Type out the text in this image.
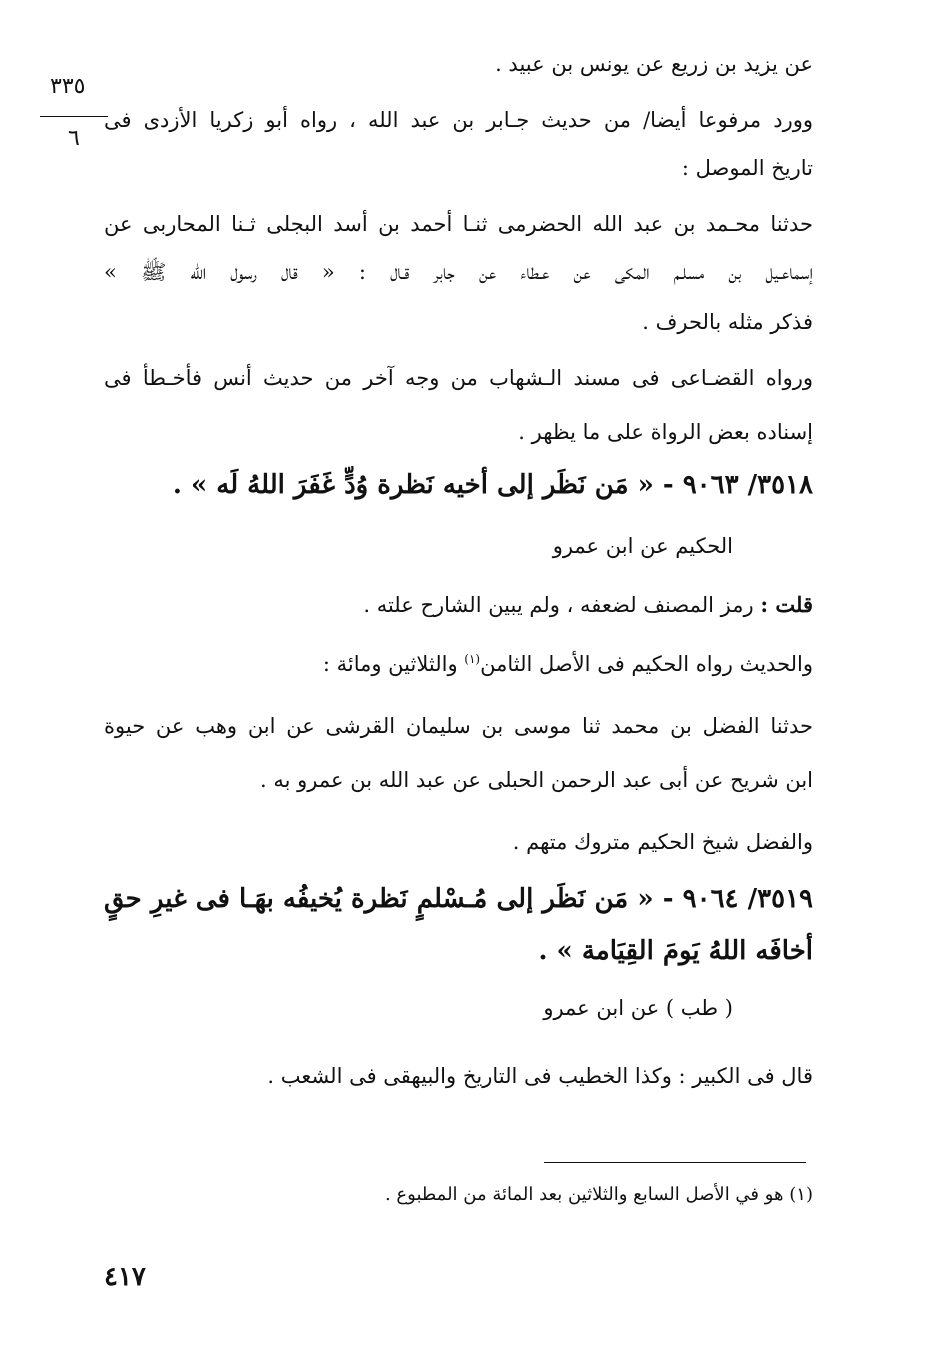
٣٣٥
٦
عن يزيد بن زريع عن يونس بن عبيد .
وورد مرفوعا أيضا/ من حديث جـابر بن عبد الله ، رواه أبو زكريا الأزدى فى
تاريخ الموصل :
حدثنا محـمد بن عبد الله الحضرمى ثنـا أحمد بن أسد البجلى ثـنا المحاربى عن
إسماعـيل بن مسلـم المكى عن عـطاء عن جابر قـال : « قال رسول الله ﷺ »
فذكر مثله بالحرف .
ورواه القضـاعى فى مسند الـشهاب من وجه آخر من حديث أنس فأخـطأ فى
إسناده بعض الرواة على ما يظهر .
٣٥١٨/ ٩٠٦٣ - « مَن نَظَر إلى أخيه نَظرة وُدٍّ غَفَرَ اللهُ لَه » .
الحكيم عن ابن عمرو
قلت : رمز المصنف لضعفه ، ولم يبين الشارح علته .
والحديث رواه الحكيم فى الأصل الثامن$^{(١)}$ والثلاثين ومائة :
حدثنا الفضل بن محمد ثنا موسى بن سليمان القرشى عن ابن وهب عن حيوة
ابن شريح عن أبى عبد الرحمن الحبلى عن عبد الله بن عمرو به .
والفضل شيخ الحكيم متروك متهم .
٣٥١٩/ ٩٠٦٤ - « مَن نَظَر إلى مُـسْلمٍ نَظرة يُخيفُه بهَـا فى غيرِ حقٍ
أخافَه اللهُ يَومَ القِيَامة » .
( طب ) عن ابن عمرو
قال فى الكبير : وكذا الخطيب فى التاريخ والبيهقى فى الشعب .
(١) هو في الأصل السابع والثلاثين بعد المائة من المطبوع .
٤١٧
